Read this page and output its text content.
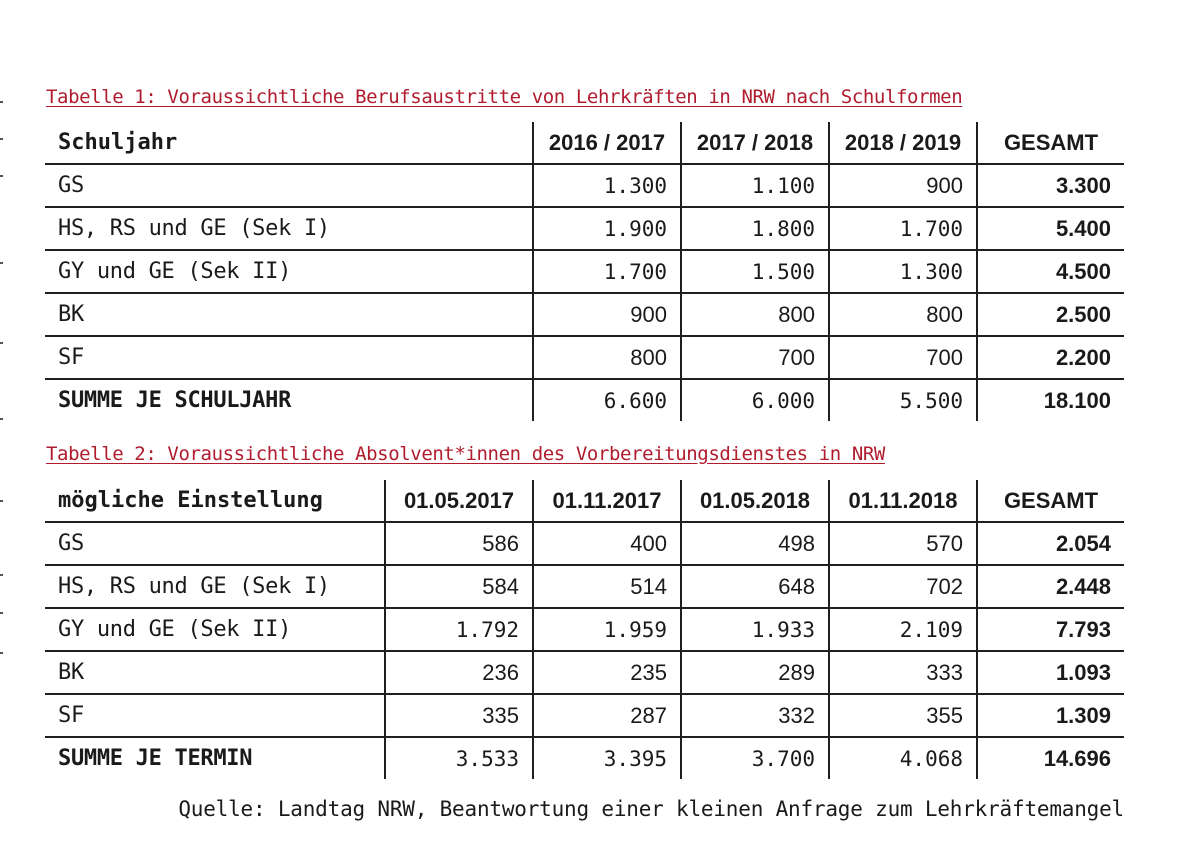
Tabelle 1: Voraussichtliche Berufsaustritte von Lehrkräften in NRW nach Schulformen
Schuljahr	2016 / 2017	2017 / 2018	2018 / 2019	GESAMT
GS	1.300	1.100	900	3.300
HS, RS und GE (Sek I)	1.900	1.800	1.700	5.400
GY und GE (Sek II)	1.700	1.500	1.300	4.500
BK	900	800	800	2.500
SF	800	700	700	2.200
SUMME JE SCHULJAHR	6.600	6.000	5.500	18.100
Tabelle 2: Voraussichtliche Absolvent*innen des Vorbereitungsdienstes in NRW
mögliche Einstellung	01.05.2017	01.11.2017	01.05.2018	01.11.2018	GESAMT
GS	586	400	498	570	2.054
HS, RS und GE (Sek I)	584	514	648	702	2.448
GY und GE (Sek II)	1.792	1.959	1.933	2.109	7.793
BK	236	235	289	333	1.093
SF	335	287	332	355	1.309
SUMME JE TERMIN	3.533	3.395	3.700	4.068	14.696
Quelle: Landtag NRW, Beantwortung einer kleinen Anfrage zum Lehrkräftemangel
